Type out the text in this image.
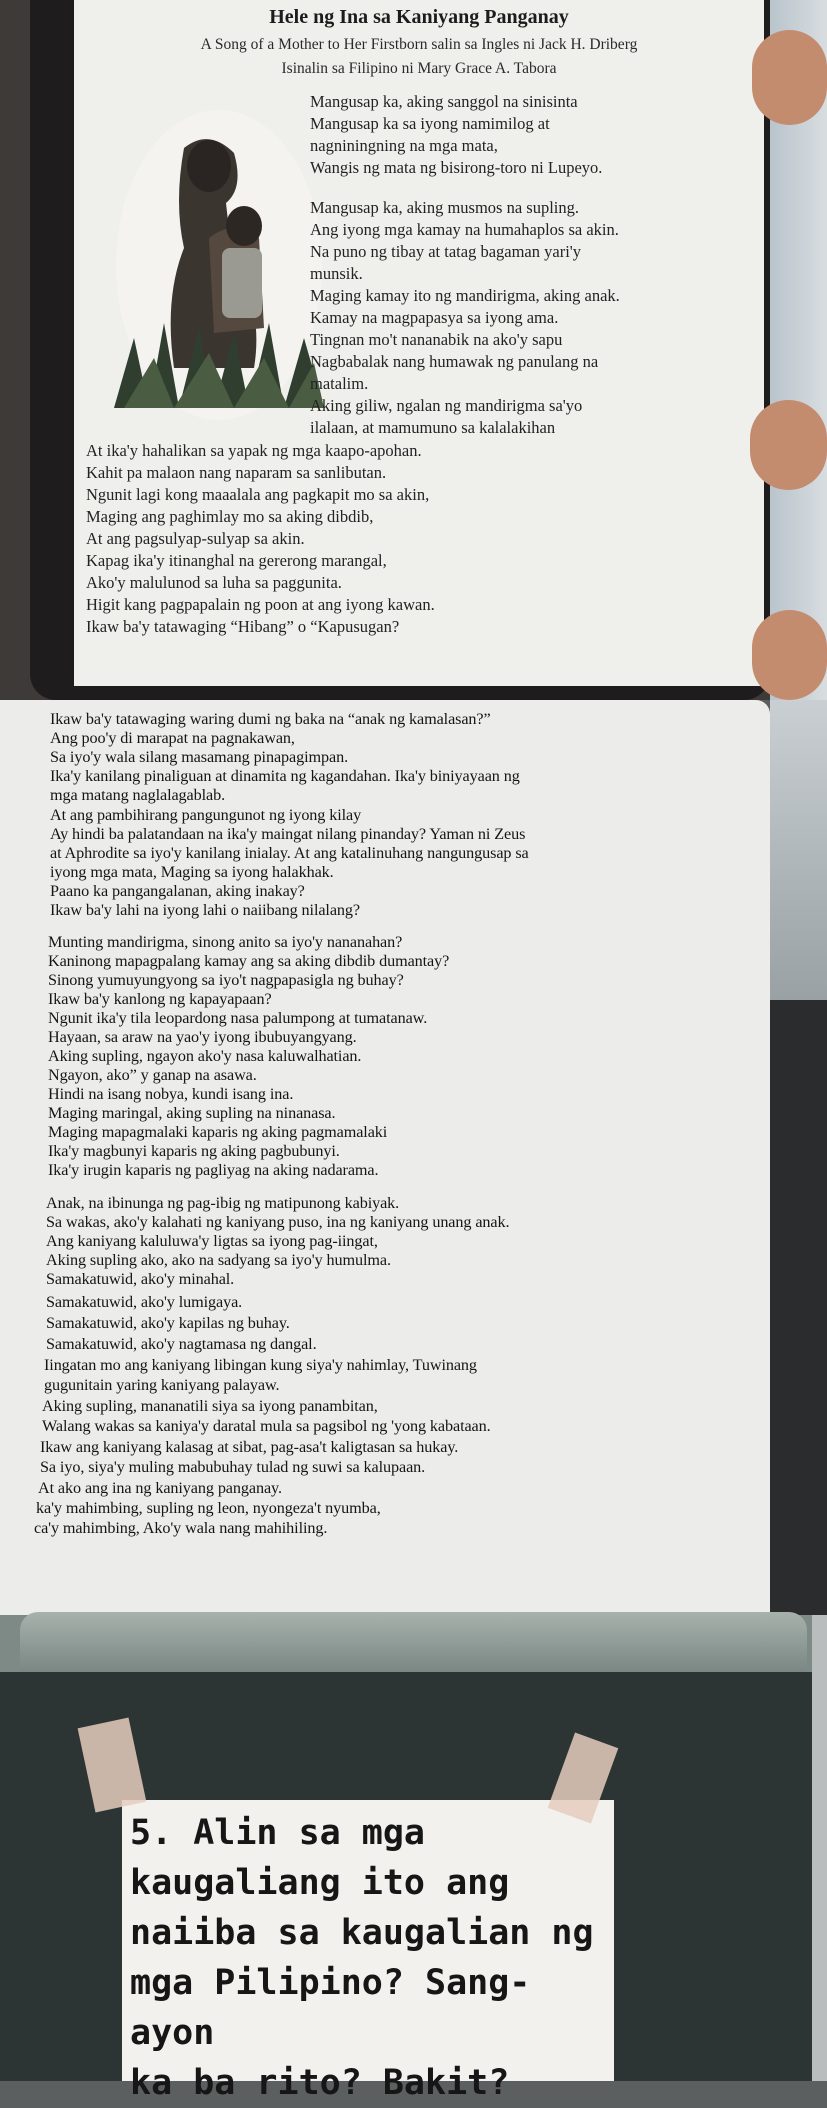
Hele ng Ina sa Kaniyang Panganay
A Song of a Mother to Her Firstborn salin sa Ingles ni Jack H. Driberg
Isinalin sa Filipino ni Mary Grace A. Tabora
Mangusap ka, aking sanggol na sinisinta
Mangusap ka sa iyong namimilog at
nagniningning na mga mata,
Wangis ng mata ng bisirong-toro ni Lupeyo.
Mangusap ka, aking musmos na supling.
Ang iyong mga kamay na humahaplos sa akin.
Na puno ng tibay at tatag bagaman yari'y
munsik.
Maging kamay ito ng mandirigma, aking anak.
Kamay na magpapasya sa iyong ama.
Tingnan mo't nananabik na ako'y sapu
Nagbabalak nang humawak ng panulang na
matalim.
Aking giliw, ngalan ng mandirigma sa'yo
ilalaan, at mamumuno sa kalalakihan
At ika'y hahalikan sa yapak ng mga kaapo-apohan.
Kahit pa malaon nang naparam sa sanlibutan.
Ngunit lagi kong maaalala ang pagkapit mo sa akin,
Maging ang paghimlay mo sa aking dibdib,
At ang pagsulyap-sulyap sa akin.
Kapag ika'y itinanghal na gererong marangal,
Ako'y malulunod sa luha sa paggunita.
Higit kang pagpapalain ng poon at ang iyong kawan.
Ikaw ba'y tatawaging “Hibang” o “Kapusugan?
Ikaw ba'y tatawaging waring dumi ng baka na “anak ng kamalasan?”
Ang poo'y di marapat na pagnakawan,
Sa iyo'y wala silang masamang pinapagimpan.
Ika'y kanilang pinaliguan at dinamita ng kagandahan. Ika'y biniyayaan ng
mga matang naglalagablab.
At ang pambihirang pangungunot ng iyong kilay
Ay hindi ba palatandaan na ika'y maingat nilang pinanday? Yaman ni Zeus
at Aphrodite sa iyo'y kanilang inialay. At ang katalinuhang nangungusap sa
iyong mga mata, Maging sa iyong halakhak.
Paano ka pangangalanan, aking inakay?
Ikaw ba'y lahi na iyong lahi o naiibang nilalang?
Munting mandirigma, sinong anito sa iyo'y nananahan?
Kaninong mapagpalang kamay ang sa aking dibdib dumantay?
Sinong yumuyungyong sa iyo't nagpapasigla ng buhay?
Ikaw ba'y kanlong ng kapayapaan?
Ngunit ika'y tila leopardong nasa palumpong at tumatanaw.
Hayaan, sa araw na yao'y iyong ibubuyangyang.
Aking supling, ngayon ako'y nasa kaluwalhatian.
Ngayon, ako” y ganap na asawa.
Hindi na isang nobya, kundi isang ina.
Maging maringal, aking supling na ninanasa.
Maging mapagmalaki kaparis ng aking pagmamalaki
Ika'y magbunyi kaparis ng aking pagbubunyi.
Ika'y irugin kaparis ng pagliyag na aking nadarama.
Anak, na ibinunga ng pag-ibig ng matipunong kabiyak.
Sa wakas, ako'y kalahati ng kaniyang puso, ina ng kaniyang unang anak.
Ang kaniyang kaluluwa'y ligtas sa iyong pag-iingat,
Aking supling ako, ako na sadyang sa iyo'y humulma.
Samakatuwid, ako'y minahal.
Samakatuwid, ako'y lumigaya.
Samakatuwid, ako'y kapilas ng buhay.
Samakatuwid, ako'y nagtamasa ng dangal.
Iingatan mo ang kaniyang libingan kung siya'y nahimlay, Tuwinang
gugunitain yaring kaniyang palayaw.
Aking supling, mananatili siya sa iyong panambitan,
Walang wakas sa kaniya'y daratal mula sa pagsibol ng 'yong kabataan.
Ikaw ang kaniyang kalasag at sibat, pag-asa't kaligtasan sa hukay.
Sa iyo, siya'y muling mabubuhay tulad ng suwi sa kalupaan.
At ako ang ina ng kaniyang panganay.
ka'y mahimbing, supling ng leon, nyongeza't nyumba,
ca'y mahimbing, Ako'y wala nang mahihiling.
5. Alin sa mga
kaugaliang ito ang
naiiba sa kaugalian ng
mga Pilipino? Sang-ayon
ka ba rito? Bakit?
